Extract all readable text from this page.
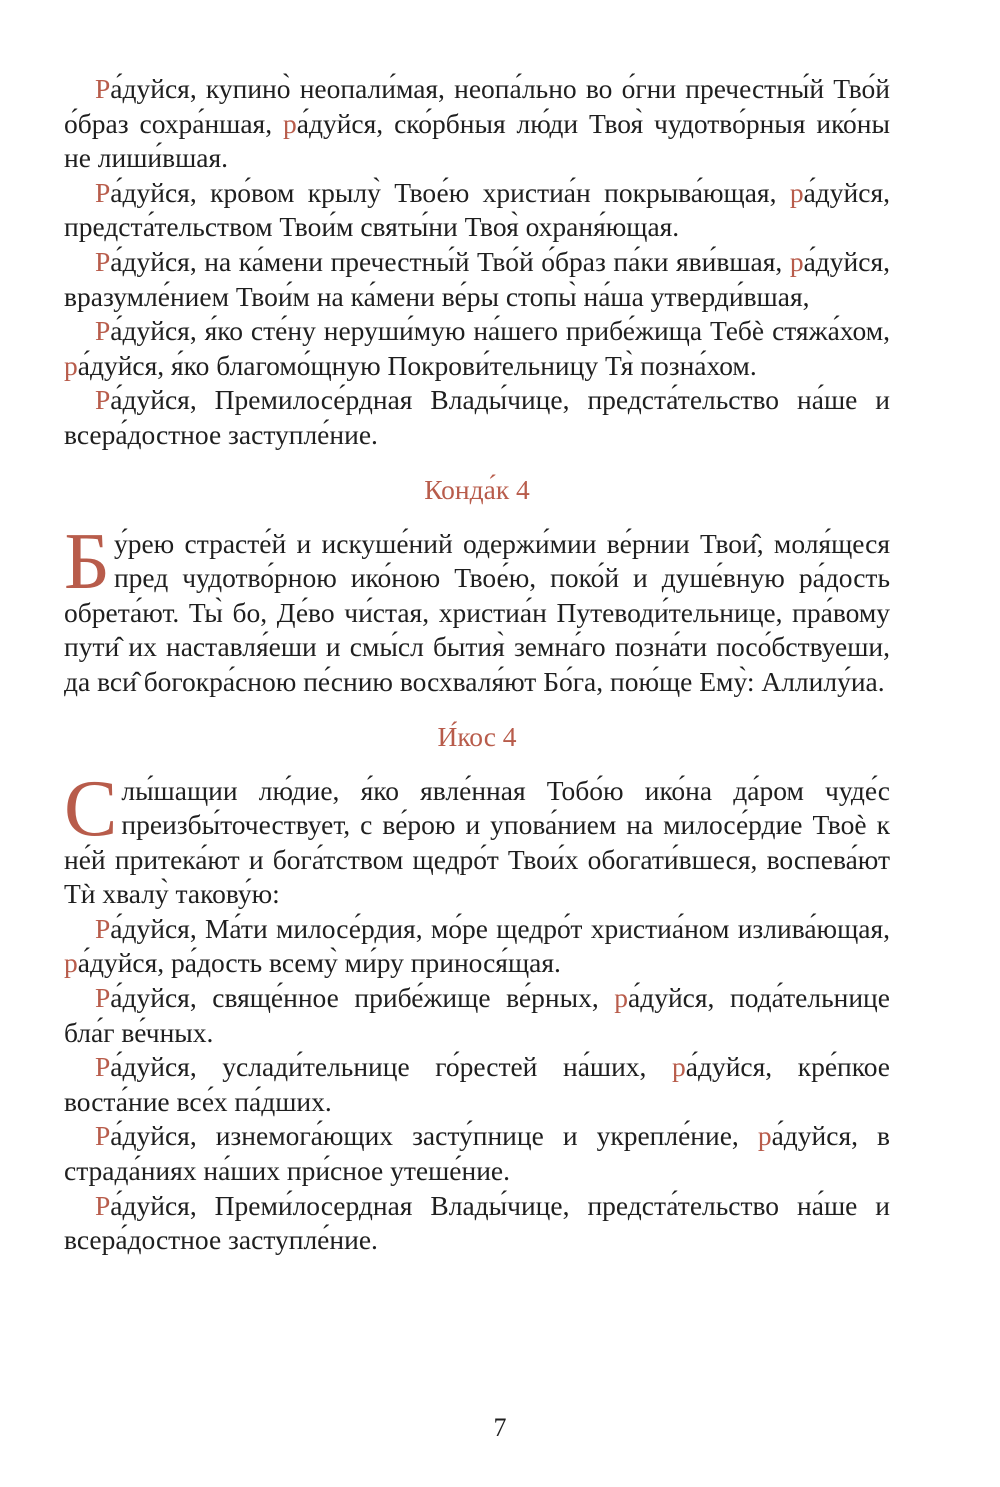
Ра́дуйся, купино̀ неопали́мая, неопа́льно во о́гни пречестны́й Тво́й о́браз сохра́ншая, ра́дуйся, ско́рбныя лю́ди Твоя̀ чудотво́рныя ико́ны не лиши́вшая.

Ра́дуйся, кро́вом крылу̀ Твое́ю христиа́н покрыва́ющая, ра́дуйся, предста́тельством Твои́м святы́ни Твоя̀ охраня́ющая.

Ра́дуйся, на ка́мени пречестны́й Тво́й о́браз па́ки яви́вшая, ра́дуйся, вразумле́нием Твои́м на ка́мени ве́ры стопы̀ на́ша утверди́вшая,

Ра́дуйся, я́ко сте́ну неруши́мую на́шего прибе́жища Тебѐ стяжа́хом, ра́дуйся, я́ко благомо́щную Покрови́тельницу Тя̀ позна́хом.

Ра́дуйся, Премилосе́рдная Влады́чице, предста́тельство на́ше и всера́достное заступле́ние.

Конда́к 4

Бу́рею страсте́й и искуше́ний одержи́мии ве́рнии Твои̂, моля́щеся пред чудотво́рною ико́ною Твое́ю, поко́й и душе́вную ра́дость обрета́ют. Ты̀ бо, Де́во чи́стая, христиа́н Путеводи́тельнице, пра́вому пути̂ их наставля́еши и смы́сл бытия̀ земна́го позна́ти посо́бствуеши, да вси̂ богокра́сною пе́снию восхваля́ют Бо́га, пою́ще Ему̀: Аллилу́иа.

И́кос 4

Слы́шащии лю́дие, я́ко явле́нная Тобо́ю ико́на да́ром чуде́с преизбы́точествует, с ве́рою и упова́нием на милосе́рдие Твоѐ к не́й притека́ют и бога́тством щедро́т Твои́х обогати́вшеся, воспева́ют Тѝ хвалу̀ такову́ю:

Ра́дуйся, Ма́ти милосе́рдия, мо́ре щедро́т христиа́ном излива́ющая, ра́дуйся, ра́дость всему̀ ми́ру принося́щая.

Ра́дуйся, свяще́нное прибе́жище ве́рных, ра́дуйся, пода́тельнице бла́г ве́чных.

Ра́дуйся, услади́тельнице го́рестей на́ших, ра́дуйся, кре́пкое воста́ние все́х па́дших.

Ра́дуйся, изнемога́ющих засту́пнице и укрепле́ние, ра́дуйся, в страда́ниях на́ших при́сное утеше́ние.

Ра́дуйся, Преми́лосердная Влады́чице, предста́тельство на́ше и всера́достное заступле́ние.

7
